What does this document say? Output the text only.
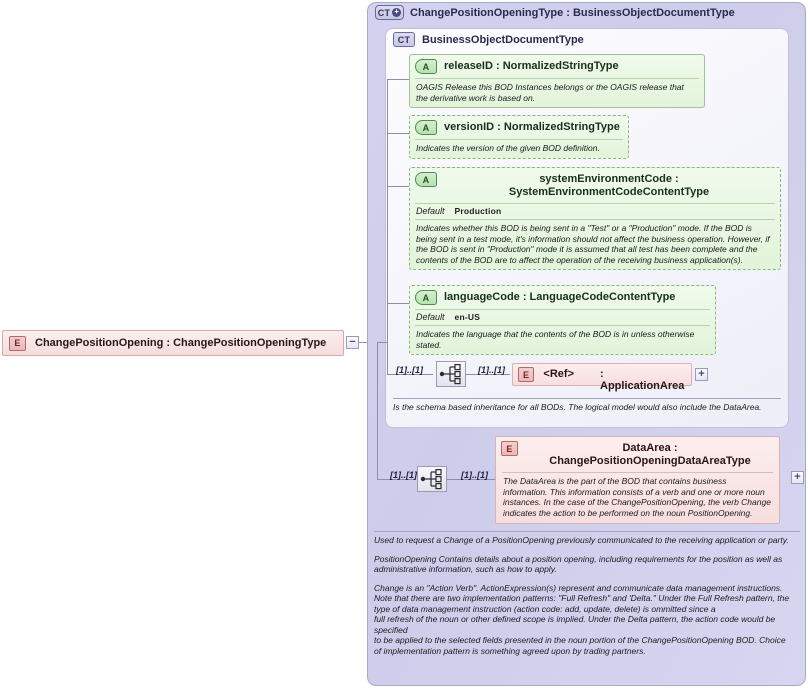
E	ChangePositionOpening : ChangePositionOpeningType −
CT + ChangePositionOpeningType : BusinessObjectDocumentType
CT	BusinessObjectDocumentType
A	releaseID : NormalizedStringType
OAGIS Release this BOD Instances belongs or the OAGIS release that the derivative work is based on.
A	versionID : NormalizedStringType
Indicates the version of the given BOD definition.
A	systemEnvironmentCode : SystemEnvironmentCodeContentType
Default Production
Indicates whether this BOD is being sent in a "Test" or a "Production" mode. If the BOD is being sent in a test mode, it's information should not affect the business operation. However, if the BOD is sent in "Production" mode it is assumed that all test has been complete and the contents of the BOD are to affect the operation of the receiving business application(s).
A	languageCode : LanguageCodeContentType
Default en-US
Indicates the language that the contents of the BOD is in unless otherwise stated.
[1]..[1]	[1]..[1]	E	<Ref> : ApplicationArea
+
Is the schema based inheritance for all BODs. The logical model would also include the DataArea.
[1]..[1]	[1]..[1]
E	DataArea : ChangePositionOpeningDataAreaType
The DataArea is the part of the BOD that contains business information. This information consists of a verb and one or more noun instances. In the case of the ChangePositionOpening, the verb Change indicates the action to be performed on the noun PositionOpening.
+

Used to request a Change of a PositionOpening previously communicated to the receiving application or party.

PositionOpening Contains details about a position opening, including requirements for the position as well as administrative information, such as how to apply.

Change is an "Action Verb". ActionExpression(s) represent and communicate data management instructions. Note that there are two implementation patterns: "Full Refresh" and 'Delta." Under the Full Refresh pattern, the type of data management instruction (action code: add, update, delete) is ommitted since a

full refresh of the noun or other defined scope is implied. Under the Delta pattern, the action code would be specified

to be applied to the selected fields presented in the noun portion of the ChangePositionOpening BOD. Choice of implementation pattern is something agreed upon by trading partners.
